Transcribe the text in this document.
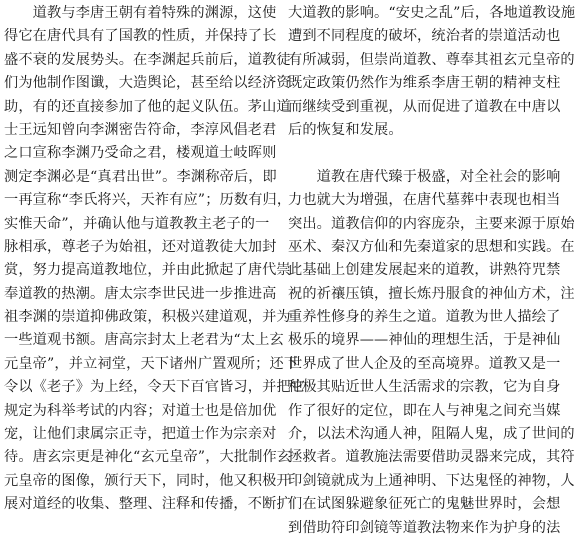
　　道教与李唐王朝有着特殊的渊源，这使
得它在唐代具有了国教的性质，并保持了长
盛不衰的发展势头。在李渊起兵前后，道教徒
们为他制作图谶，大造舆论，甚至给以经济资
助，有的还直接参加了他的起义队伍。茅山道
士王远知曾向李渊密告符命，李淳风倡老君
之口宣称李渊乃受命之君，楼观道士岐晖则
测定李渊必是“真君出世”。李渊称帝后，即
一再宣称“李氏将兴，天祚有应”；历数有归，
实惟天命”，并确认他与道教教主老子的一
脉相承，尊老子为始祖，还对道教徒大加封
赏，努力提高道教地位，并由此掀起了唐代崇
奉道教的热潮。唐太宗李世民进一步推进高
祖李渊的崇道抑佛政策，积极兴建道观，并为
一些道观书额。唐高宗封太上老君为“太上玄
元皇帝”，并立祠堂，天下诸州广置观所；还下
令以《老子》为上经，令天下百官皆习，并把它
规定为科举考试的内容；对道士也是倍加优
宠，让他们隶属宗正寺，把道士作为宗亲对
待。唐玄宗更是神化“玄元皇帝”，大批制作玄
元皇帝的图像，颁行天下，同时，他又积极开
展对道经的收集、整理、注释和传播，不断扩
大道教的影响。“安史之乱”后，各地道教设施
遭到不同程度的破坏，统治者的崇道活动也
有所减弱，但崇尚道教、尊奉其祖玄元皇帝的
既定政策仍然作为维系李唐王朝的精神支柱
而继续受到重视，从而促进了道教在中唐以
后的恢复和发展。
　　道教在唐代臻于极盛，对全社会的影响
力也就大为增强，在唐代墓葬中表现也相当
突出。道教信仰的内容庞杂，主要来源于原始
巫术、秦汉方仙和先秦道家的思想和实践。在
此基础上创建发展起来的道教，讲熟符咒禁
祝的祈禳压镇，擅长炼丹服食的神仙方术，注
重养性修身的养生之道。道教为世人描绘了
极乐的境界——神仙的理想生活，于是神仙
世界成了世人企及的至高境界。道教又是一
种极其贴近世人生活需求的宗教，它为自身
作了很好的定位，即在人与神鬼之间充当媒
介，以法术沟通人神，阻隔人鬼，成了世间的
拯救者。道教施法需要借助灵器来完成，其符
印剑镜就成为上通神明、下达鬼怪的神物，人
们在试图躲避象征死亡的鬼魅世界时，会想
到借助符印剑镜等道教法物来作为护身的法
